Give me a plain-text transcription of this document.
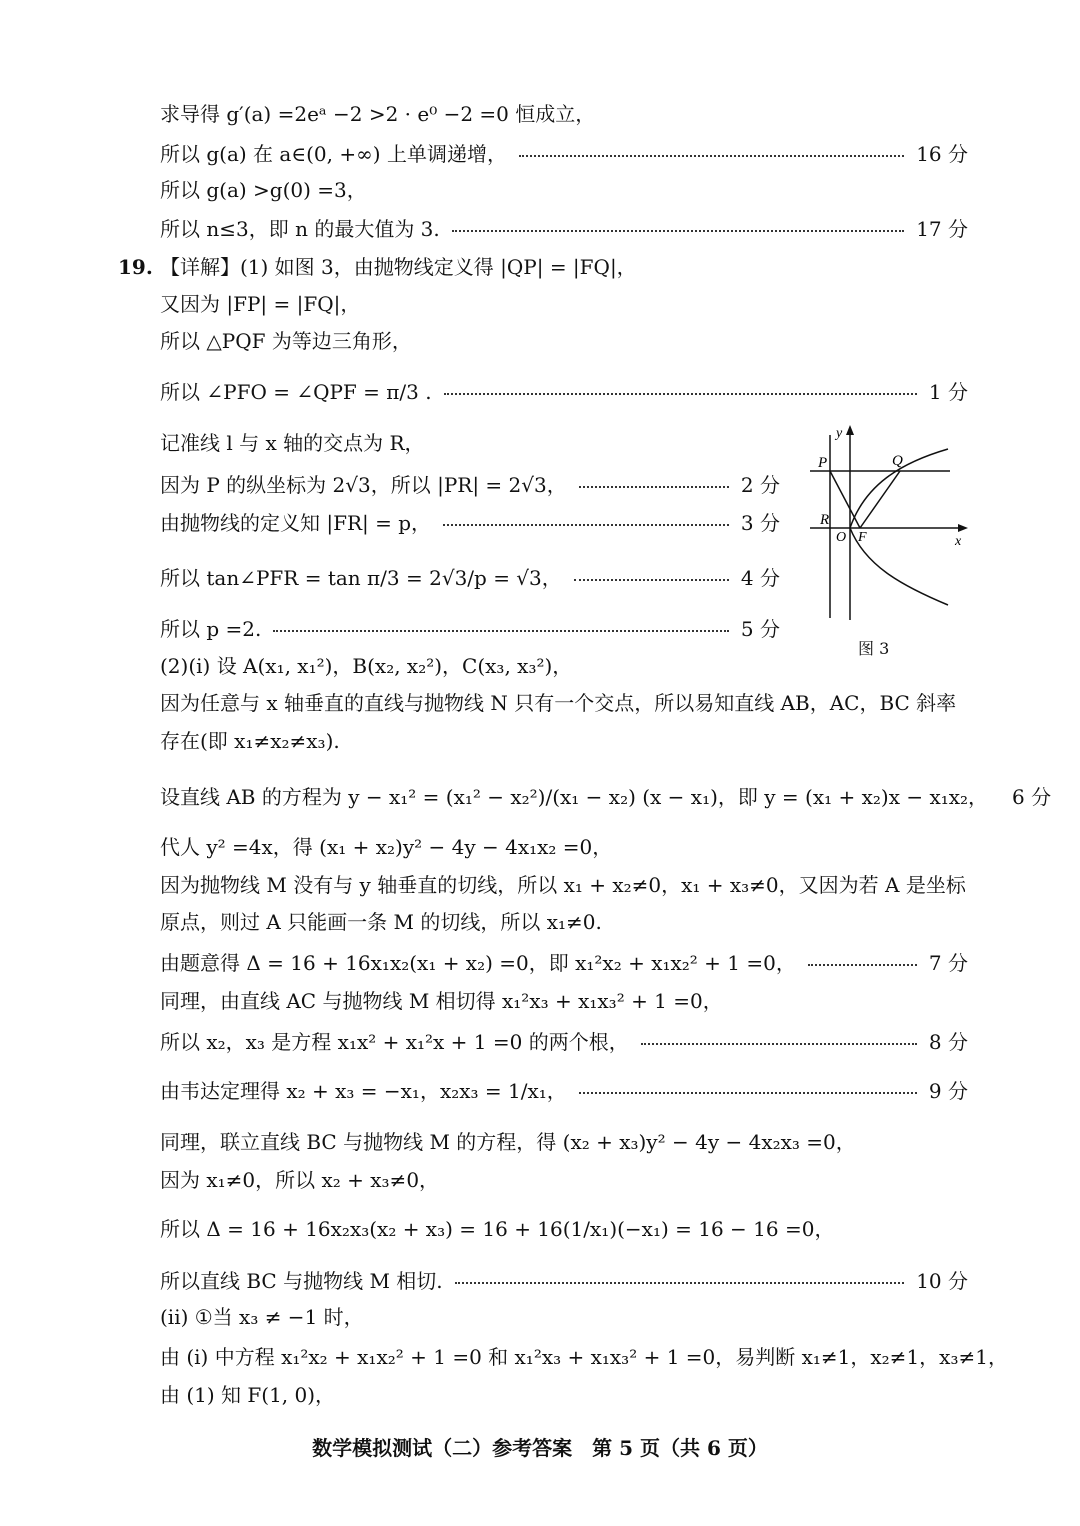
求导得 g′(a) =2eᵃ −2 >2 · e⁰ −2 =0 恒成立，
所以 g(a) 在 a∈(0, +∞) 上单调递增，	16 分
所以 g(a) >g(0) =3，
所以 n≤3，即 n 的最大值为 3.	17 分
19. 【详解】(1) 如图 3，由抛物线定义得 |QP| = |FQ|，
又因为 |FP| = |FQ|，
所以 △PQF 为等边三角形，
所以 ∠PFO = ∠QPF = π/3 .	1 分
记准线 l 与 x 轴的交点为 R，
因为 P 的纵坐标为 2√3，所以 |PR| = 2√3，	2 分
由抛物线的定义知 |FR| = p，	3 分
所以 tan∠PFR = tan π/3 = 2√3/p = √3，	4 分
所以 p =2.	5 分
(2)(i) 设 A(x₁, x₁²)，B(x₂, x₂²)，C(x₃, x₃²)，
因为任意与 x 轴垂直的直线与抛物线 N 只有一个交点，所以易知直线 AB，AC，BC 斜率
存在(即 x₁≠x₂≠x₃).
设直线 AB 的方程为 y − x₁² = (x₁² − x₂²)/(x₁ − x₂) (x − x₁)，即 y = (x₁ + x₂)x − x₁x₂， 6 分
代人 y² =4x，得 (x₁ + x₂)y² − 4y − 4x₁x₂ =0，
因为抛物线 M 没有与 y 轴垂直的切线，所以 x₁ + x₂≠0，x₁ + x₃≠0，又因为若 A 是坐标
原点，则过 A 只能画一条 M 的切线，所以 x₁≠0.
由题意得 Δ = 16 + 16x₁x₂(x₁ + x₂) =0，即 x₁²x₂ + x₁x₂² + 1 =0，	7 分
同理，由直线 AC 与抛物线 M 相切得 x₁²x₃ + x₁x₃² + 1 =0，
所以 x₂，x₃ 是方程 x₁x² + x₁²x + 1 =0 的两个根，	8 分
由韦达定理得 x₂ + x₃ = −x₁，x₂x₃ = 1/x₁，	9 分
同理，联立直线 BC 与抛物线 M 的方程，得 (x₂ + x₃)y² − 4y − 4x₂x₃ =0，
因为 x₁≠0，所以 x₂ + x₃≠0，
所以 Δ = 16 + 16x₂x₃(x₂ + x₃) = 16 + 16(1/x₁)(−x₁) = 16 − 16 =0，
所以直线 BC 与抛物线 M 相切.	10 分
(ii) ①当 x₃ ≠ −1 时，
由 (i) 中方程 x₁²x₂ + x₁x₂² + 1 =0 和 x₁²x₃ + x₁x₃² + 1 =0，易判断 x₁≠1，x₂≠1，x₃≠1，
由 (1) 知 F(1, 0)，
y
P	Q
R
O F	x
图 3
数学模拟测试（二）参考答案　第 5 页（共 6 页）
